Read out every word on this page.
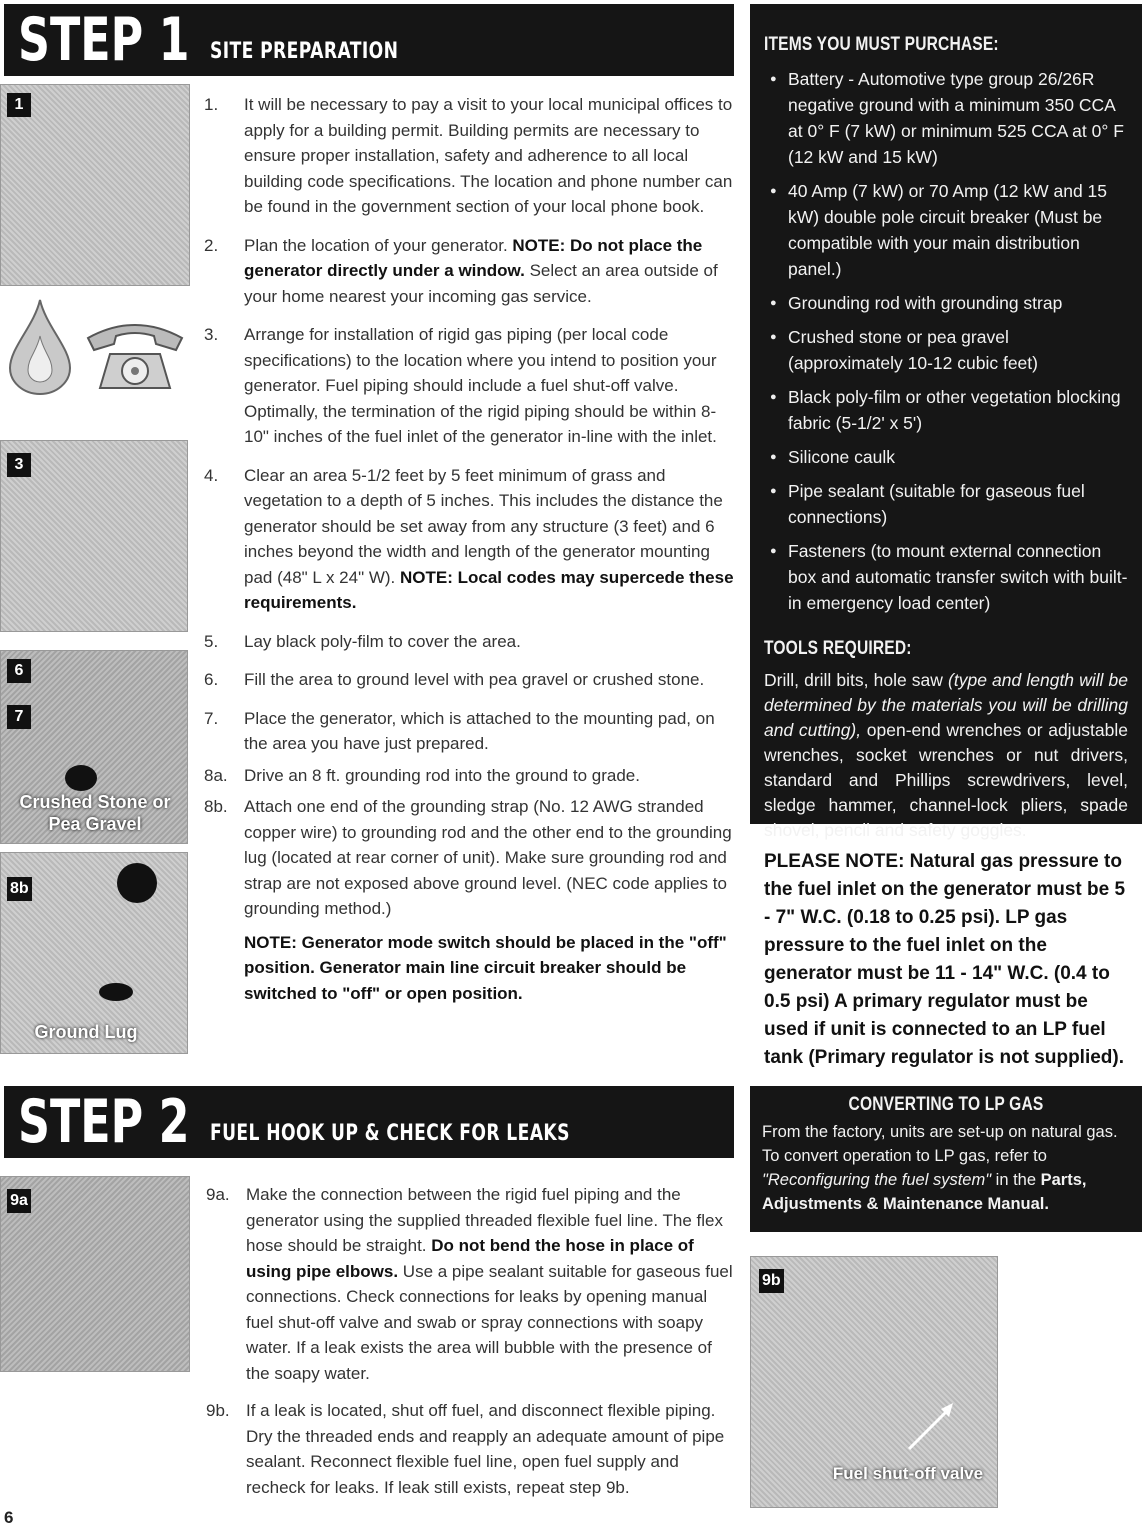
STEP 1 SITE PREPARATION
1
3
6
7
Crushed Stone or Pea Gravel
8b
Ground Lug
1.	It will be necessary to pay a visit to your local municipal offices to apply for a building permit. Building permits are necessary to ensure proper installation, safety and adherence to all local building code specifications. The location and phone number can be found in the government section of your local phone book.
2.	Plan the location of your generator. NOTE: Do not place the generator directly under a window. Select an area outside of your home nearest your incoming gas service.
3.	Arrange for installation of rigid gas piping (per local code specifications) to the location where you intend to position your generator. Fuel piping should include a fuel shut-off valve. Optimally, the termination of the rigid piping should be within 8-10" inches of the fuel inlet of the generator in-line with the inlet.
4.	Clear an area 5-1/2 feet by 5 feet minimum of grass and vegetation to a depth of 5 inches. This includes the distance the generator should be set away from any structure (3 feet) and 6 inches beyond the width and length of the generator mounting pad (48" L x 24" W). NOTE: Local codes may supercede these requirements.
5.	Lay black poly-film to cover the area.
6.	Fill the area to ground level with pea gravel or crushed stone.
7.	Place the generator, which is attached to the mounting pad, on the area you have just prepared.
8a. Drive an 8 ft. grounding rod into the ground to grade.
8b. Attach one end of the grounding strap (No. 12 AWG stranded copper wire) to grounding rod and the other end to the grounding lug (located at rear corner of unit). Make sure grounding rod and strap are not exposed above ground level. (NEC code applies to grounding method.)
NOTE: Generator mode switch should be placed in the "off" position. Generator main line circuit breaker should be switched to "off" or open position.
ITEMS YOU MUST PURCHASE:
● Battery - Automotive type group 26/26R negative ground with a minimum 350 CCA at 0° F (7 kW) or minimum 525 CCA at 0° F (12 kW and 15 kW)
● 40 Amp (7 kW) or 70 Amp (12 kW and 15 kW) double pole circuit breaker (Must be compatible with your main distribution panel.)
● Grounding rod with grounding strap
● Crushed stone or pea gravel (approximately 10-12 cubic feet)
● Black poly-film or other vegetation blocking fabric (5-1/2' x 5')
● Silicone caulk
● Pipe sealant (suitable for gaseous fuel connections)
● Fasteners (to mount external connection box and automatic transfer switch with built-in emergency load center)
TOOLS REQUIRED:
Drill, drill bits, hole saw (type and length will be determined by the materials you will be drilling and cutting), open-end wrenches or adjustable wrenches, socket wrenches or nut drivers, standard and Phillips screwdrivers, level, sledge hammer, channel-lock pliers, spade shovel, pencil and safety goggles.
PLEASE NOTE: Natural gas pressure to the fuel inlet on the generator must be 5 - 7" W.C. (0.18 to 0.25 psi). LP gas pressure to the fuel inlet on the generator must be 11 - 14" W.C. (0.4 to 0.5 psi) A primary regulator must be used if unit is connected to an LP fuel tank (Primary regulator is not supplied).
STEP 2 FUEL HOOK UP & CHECK FOR LEAKS
9a	9a. Make the connection between the rigid fuel piping and the generator using the supplied threaded flexible fuel line. The flex hose should be straight. Do not bend the hose in place of using pipe elbows. Use a pipe sealant suitable for gaseous fuel connections. Check connections for leaks by opening manual fuel shut-off valve and swab or spray connections with soapy water. If a leak exists the area will bubble with the presence of the soapy water.
9b. If a leak is located, shut off fuel, and disconnect flexible piping. Dry the threaded ends and reapply an adequate amount of pipe sealant. Reconnect flexible fuel line, open fuel supply and recheck for leaks. If leak still exists, repeat step 9b.
CONVERTING TO LP GAS
From the factory, units are set-up on natural gas. To convert operation to LP gas, refer to "Reconfiguring the fuel system" in the Parts, Adjustments & Maintenance Manual.
9b
Fuel shut-off valve
6
